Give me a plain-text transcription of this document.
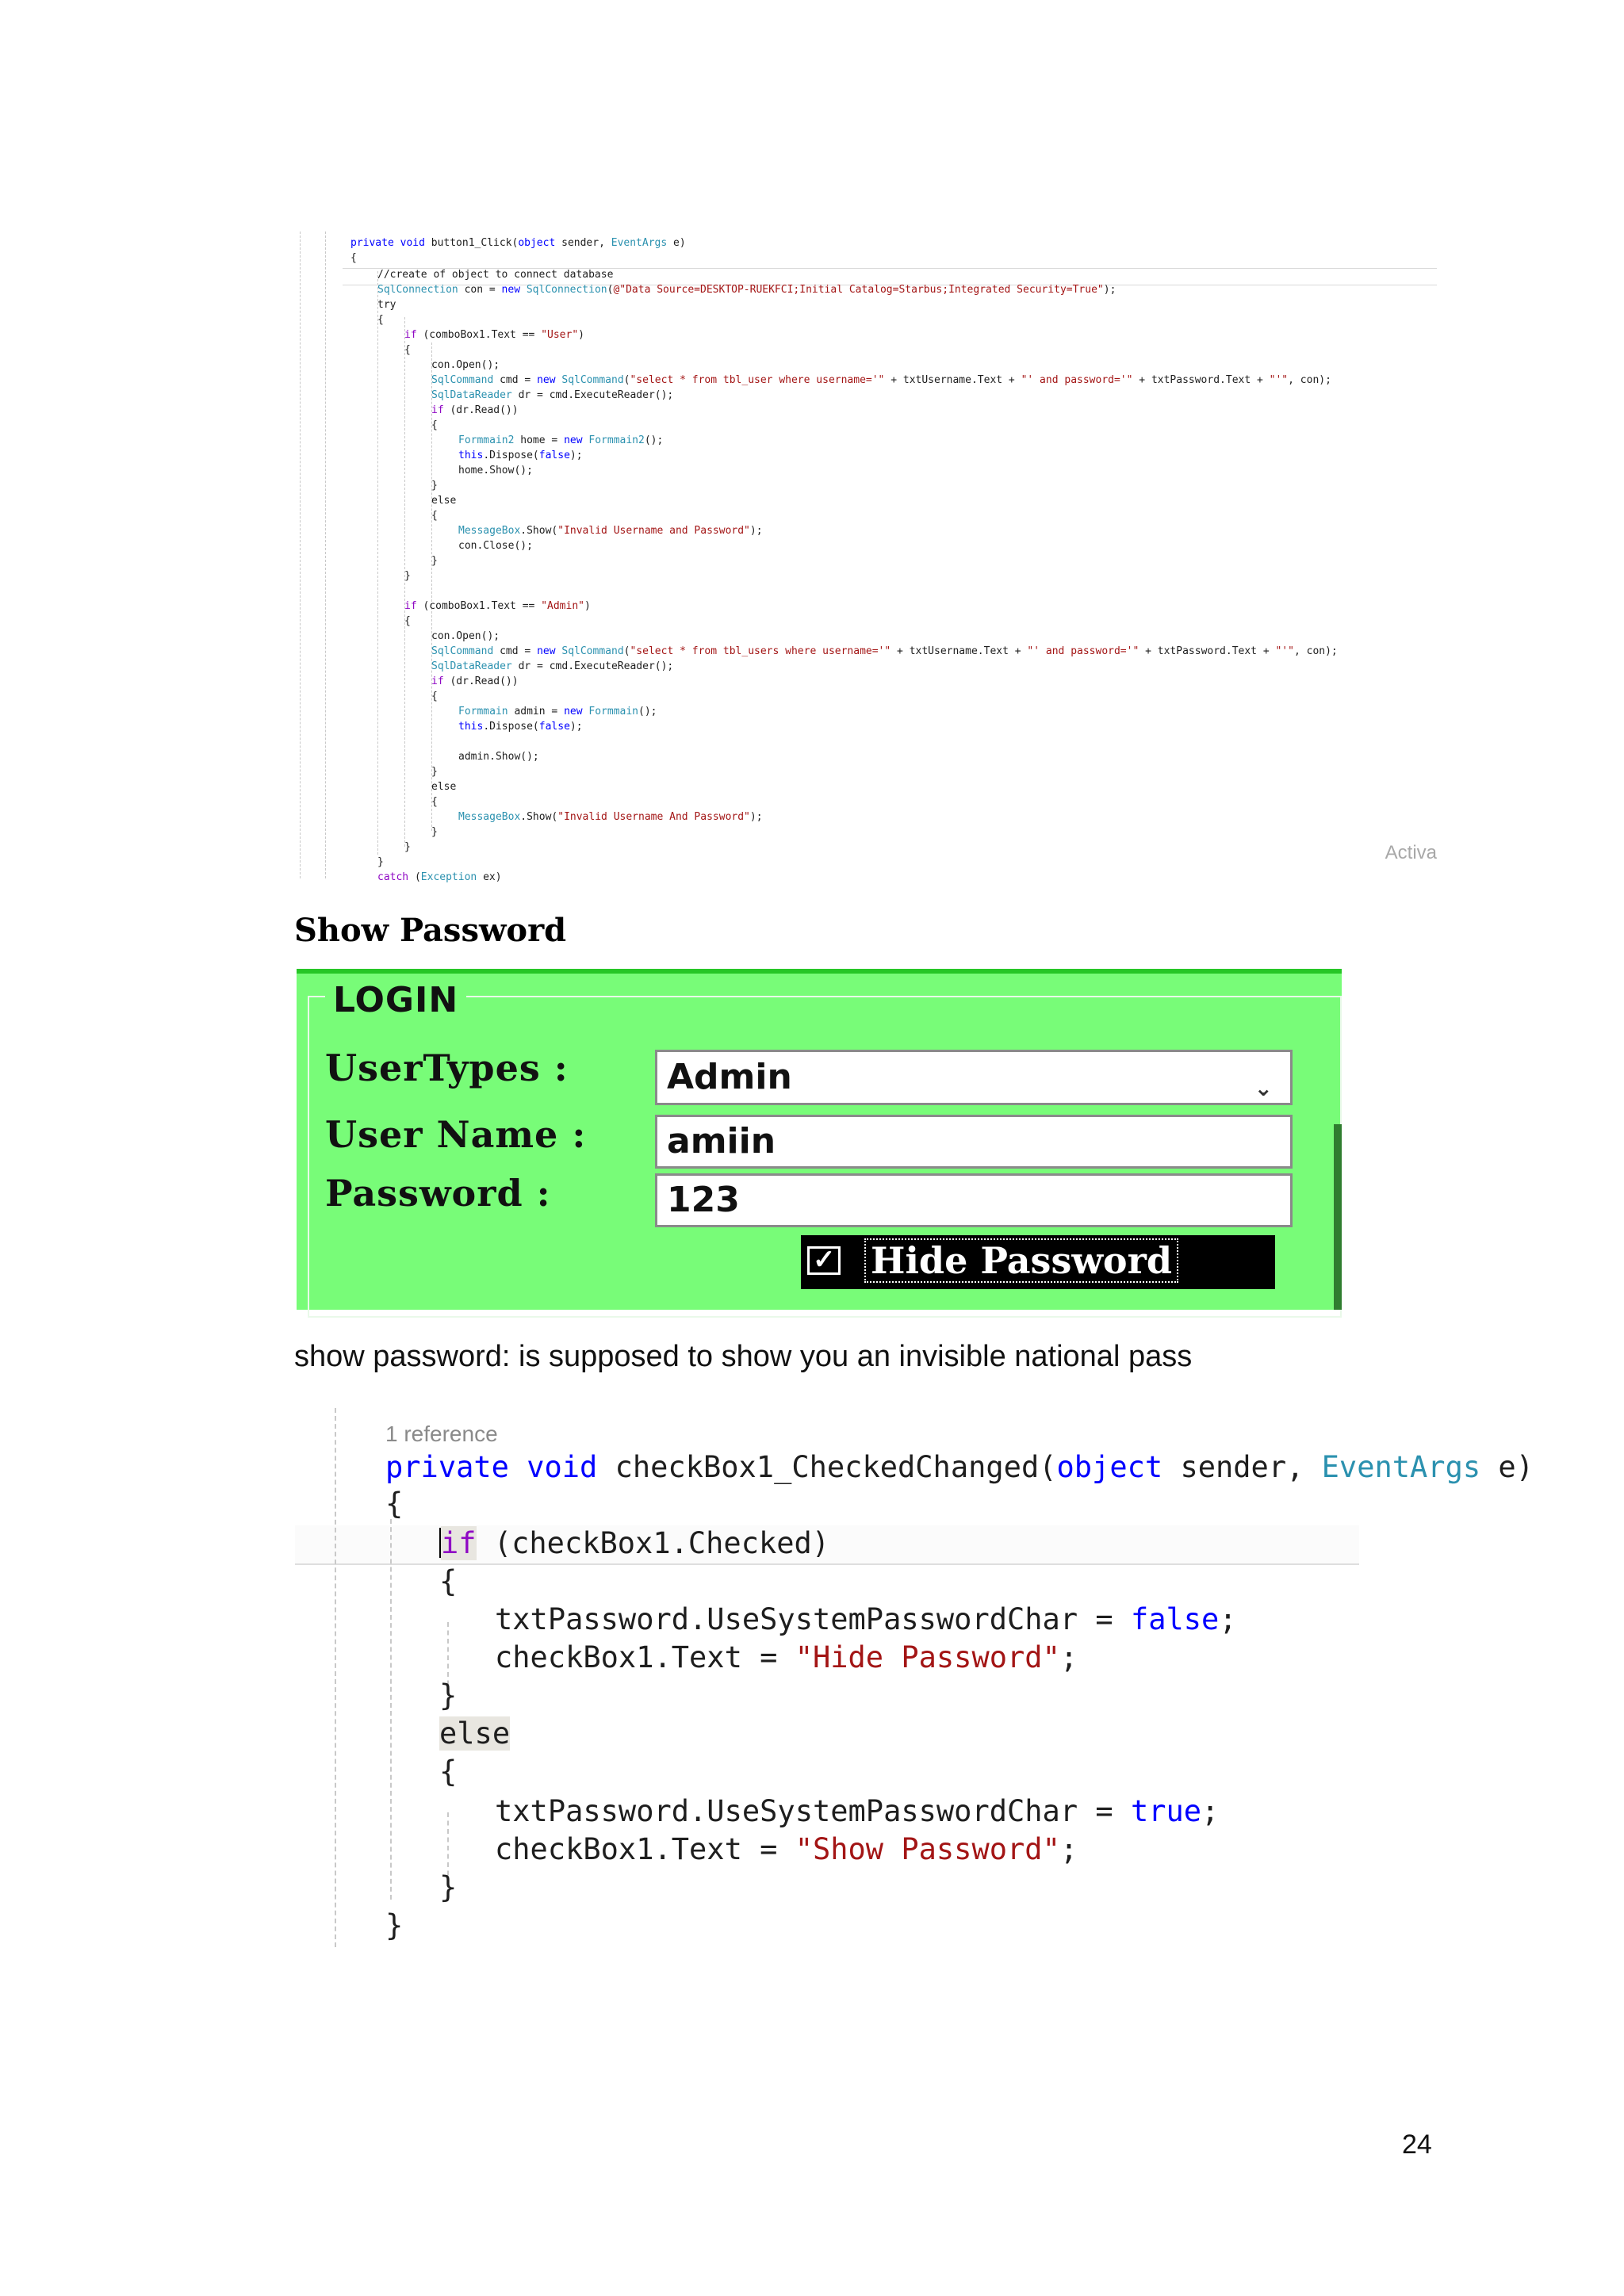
private void button1_Click(object sender, EventArgs e)

{

//create of object to connect database

SqlConnection con = new SqlConnection(@"Data Source=DESKTOP-RUEKFCI;Initial Catalog=Starbus;Integrated Security=True");

try

{

if (comboBox1.Text == "User")

{

con.Open();

SqlCommand cmd = new SqlCommand("select * from tbl_user where username='" + txtUsername.Text + "' and password='" + txtPassword.Text + "'", con);

SqlDataReader dr = cmd.ExecuteReader();

if (dr.Read())

{

Formmain2 home = new Formmain2();

this.Dispose(false);

home.Show();

}

else

{

MessageBox.Show("Invalid Username and Password");

con.Close();

}

}

if (comboBox1.Text == "Admin")

{

con.Open();

SqlCommand cmd = new SqlCommand("select * from tbl_users where username='" + txtUsername.Text + "' and password='" + txtPassword.Text + "'", con);

SqlDataReader dr = cmd.ExecuteReader();

if (dr.Read())

{

Formmain admin = new Formmain();

this.Dispose(false);

admin.Show();

}

else

{

MessageBox.Show("Invalid Username And Password");

}

}

}

catch (Exception ex)

Activa

Show Password
LOGIN
UserTypes :	Admin	⌄
User Name :	amiin
Password :	123
✓ Hide Password
show password: is supposed to show you an invisible national pass

1 reference

private void checkBox1_CheckedChanged(object sender, EventArgs e)

{

if (checkBox1.Checked)

{

txtPassword.UseSystemPasswordChar = false;

checkBox1.Text = "Hide Password";

}

else

{

txtPassword.UseSystemPasswordChar = true;

checkBox1.Text = "Show Password";

}

}

24
